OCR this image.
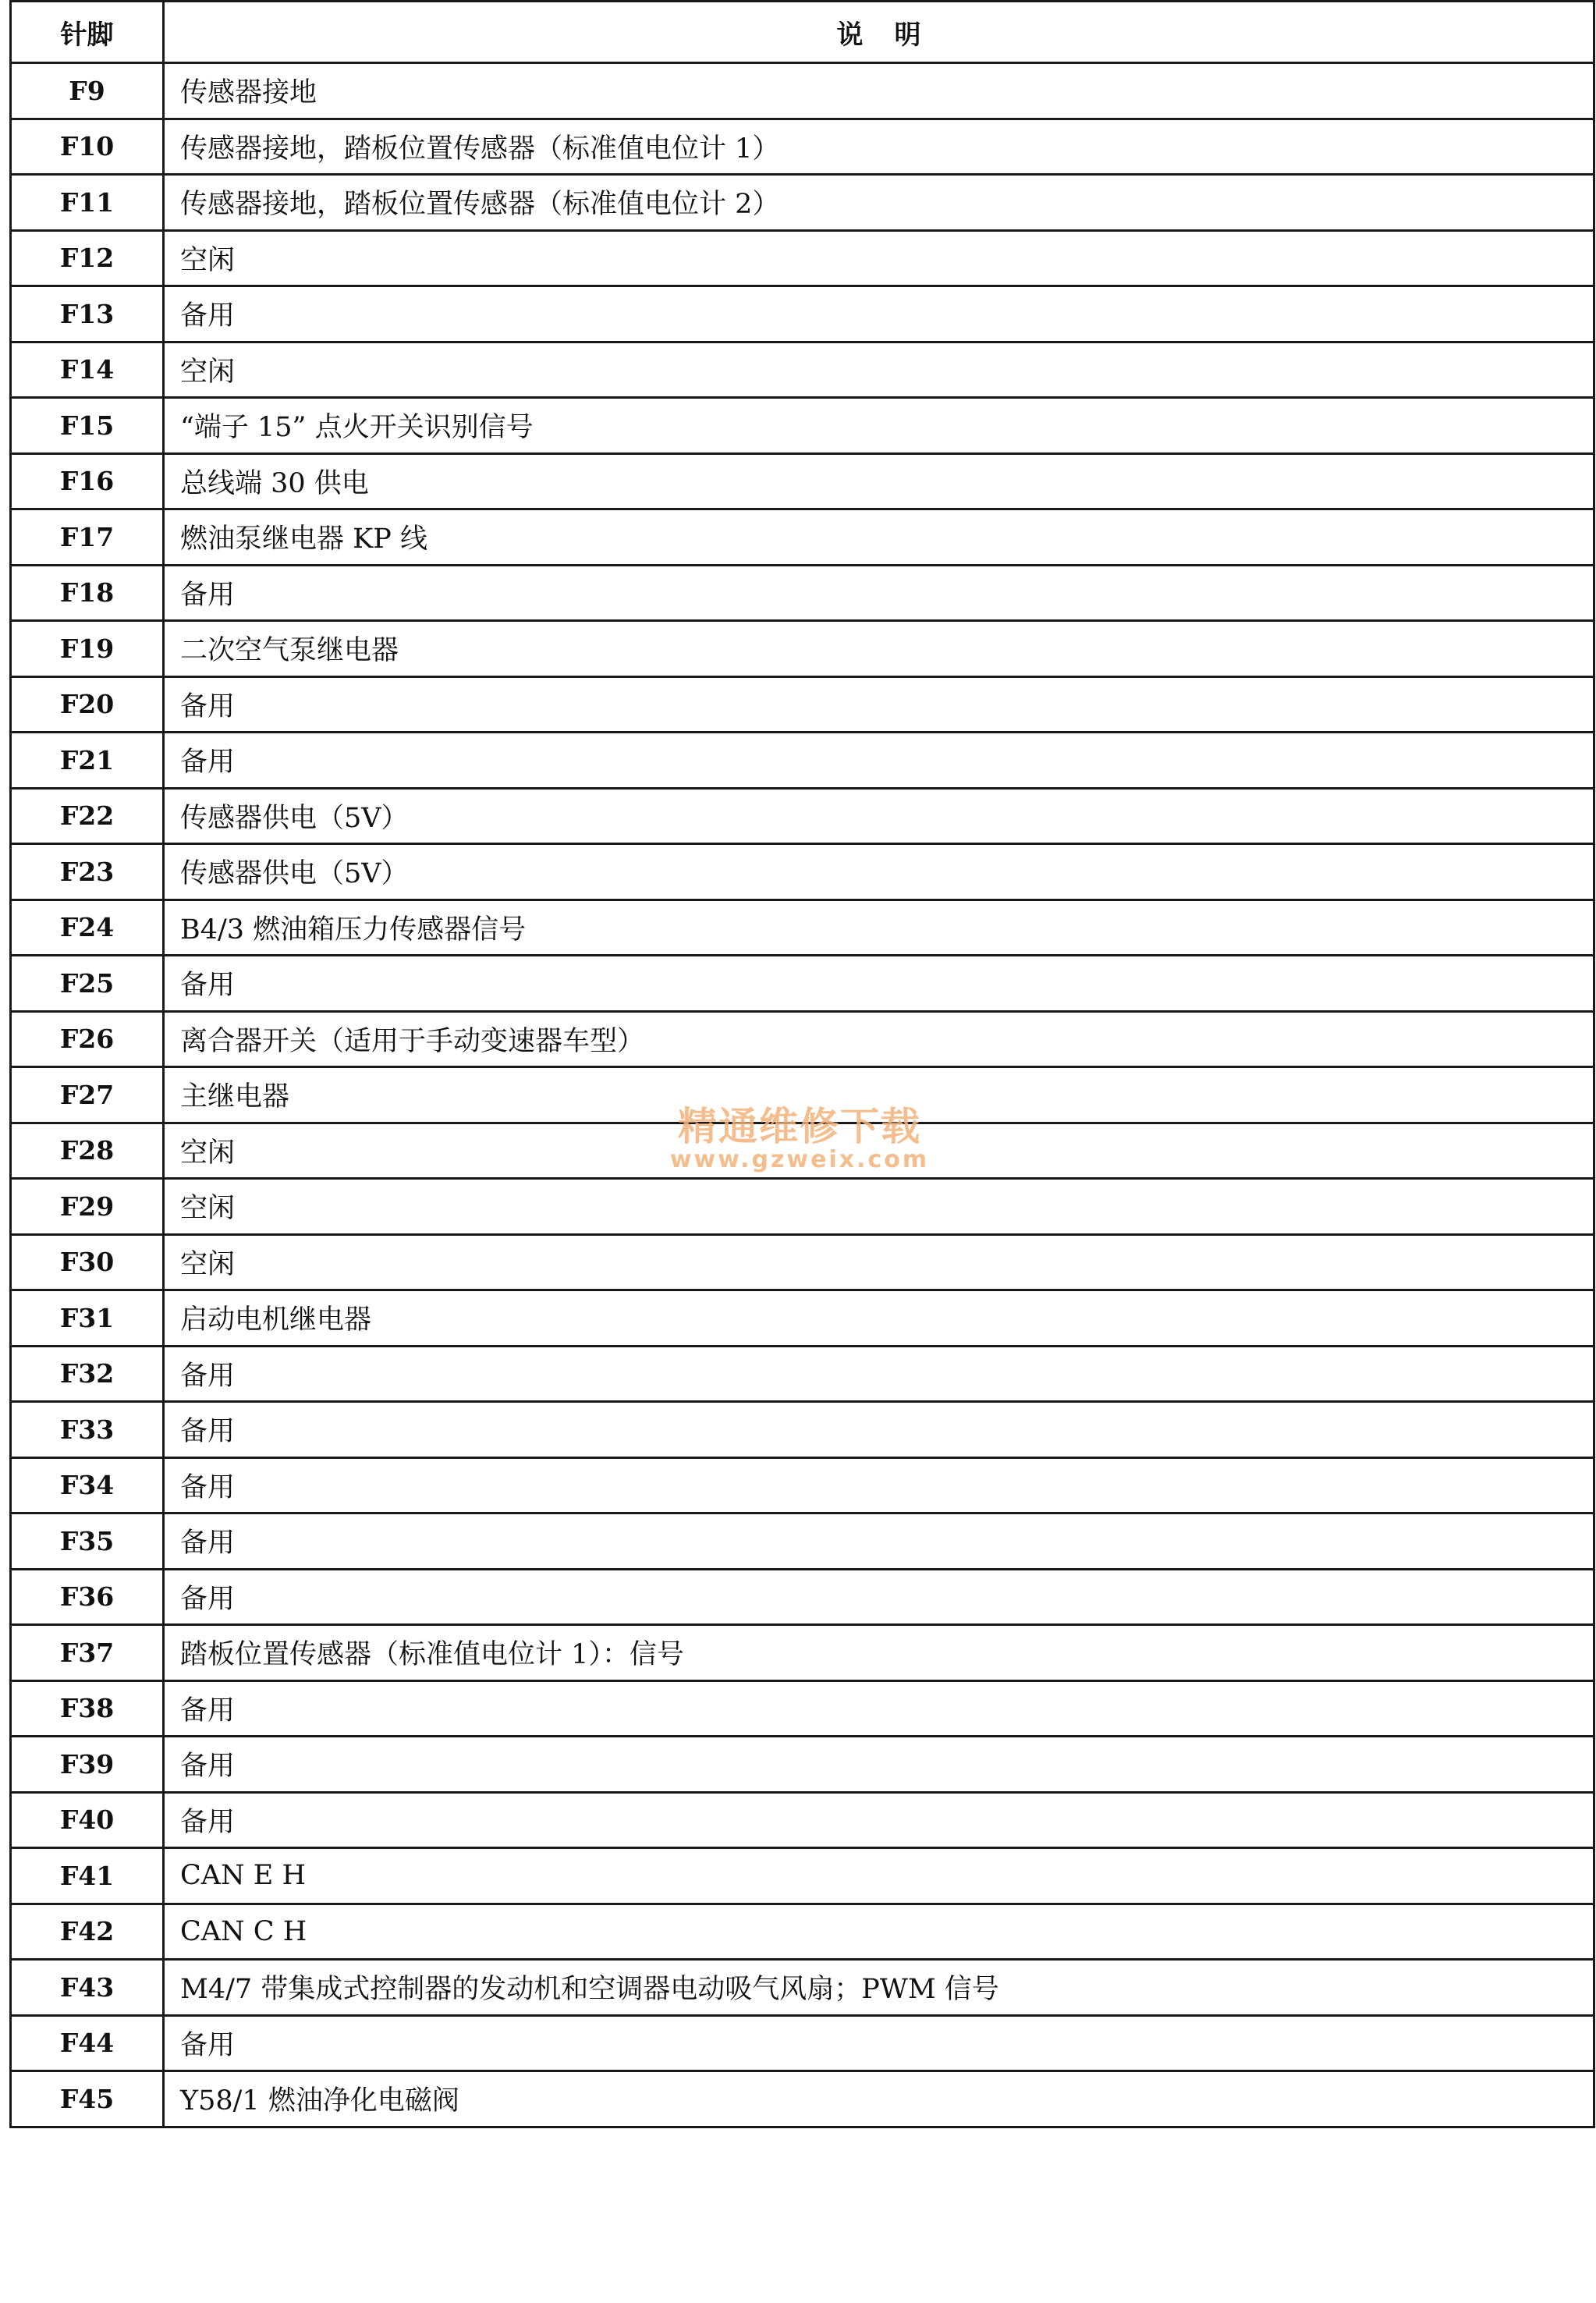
针脚	说明
F9	传感器接地
F10	传感器接地，踏板位置传感器（标准值电位计 1）
F11	传感器接地，踏板位置传感器（标准值电位计 2）
F12	空闲
F13	备用
F14	空闲
F15	“端子 15” 点火开关识别信号
F16	总线端 30 供电
F17	燃油泵继电器 KP 线
F18	备用
F19	二次空气泵继电器
F20	备用
F21	备用
F22	传感器供电（5V）
F23	传感器供电（5V）
F24	B4/3 燃油箱压力传感器信号
F25	备用
F26	离合器开关（适用于手动变速器车型）
F27	主继电器
F28	空闲
F29	空闲
F30	空闲
F31	启动电机继电器
F32	备用
F33	备用
F34	备用
F35	备用
F36	备用
F37	踏板位置传感器（标准值电位计 1）：信号
F38	备用
F39	备用
F40	备用
F41	CAN E H
F42	CAN C H
F43	M4/7 带集成式控制器的发动机和空调器电动吸气风扇；PWM 信号
F44	备用
F45	Y58/1 燃油净化电磁阀
精通维修下载
www.gzweix.com
